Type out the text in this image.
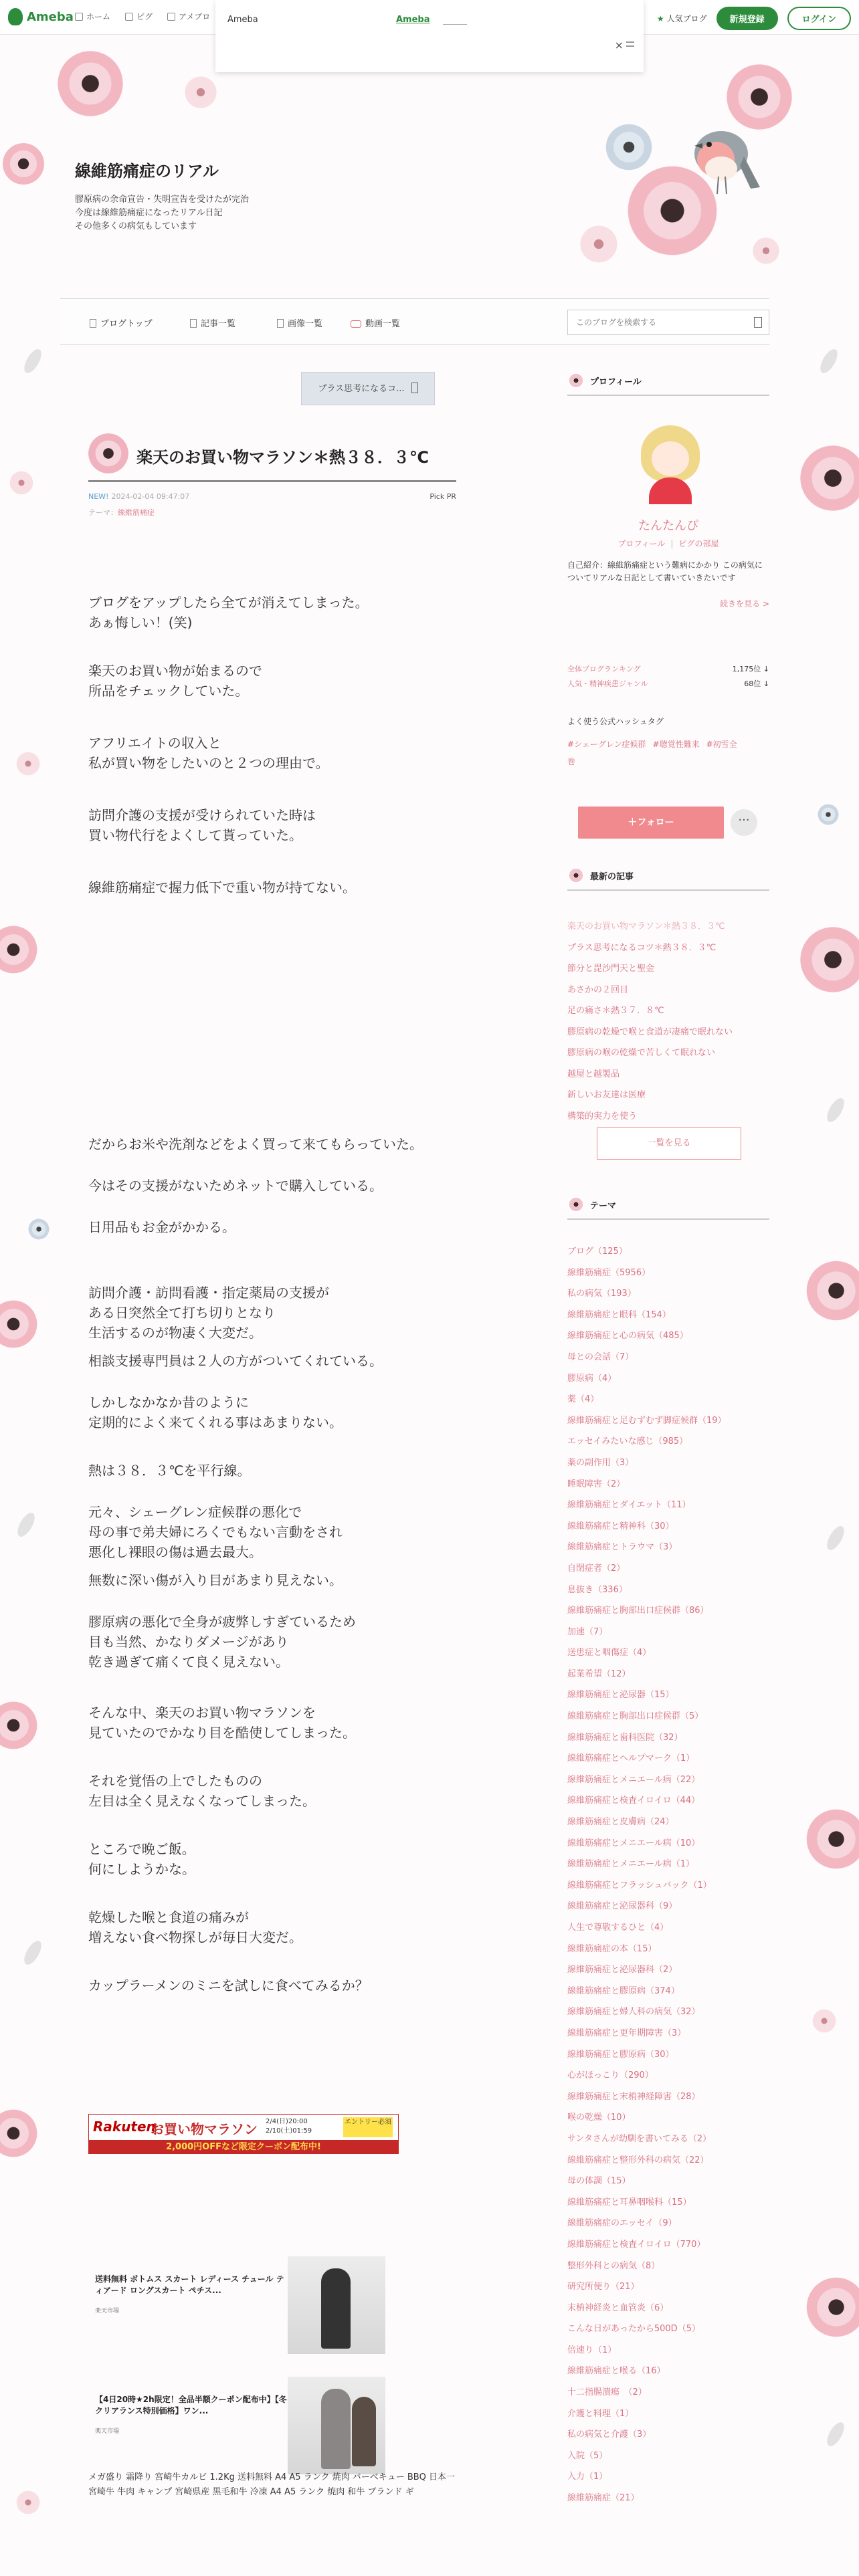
Ameba	ホーム	ピグ	アメブロ	★ 人気ブログ	新規登録	ログイン
Ameba	Ameba
×
線維筋痛症のリアル
膠原病の余命宣告・失明宣告を受けたが完治
今度は線維筋痛症になったリアル日記
その他多くの病気もしています
ブログトップ	記事一覧	画像一覧	動画一覧
このブログを検索する
プラス思考になるコ...
楽天のお買い物マラソン＊熱３８．３℃
NEW! 2024-02-04 09:47:07	Pick PR
テーマ：線維筋痛症
ブログをアップしたら全てが消えてしまった。
あぁ悔しい！(笑)
楽天のお買い物が始まるので
所品をチェックしていた。
アフリエイトの収入と
私が買い物をしたいのと２つの理由で。
訪問介護の支援が受けられていた時は
買い物代行をよくして貰っていた。
線維筋痛症で握力低下で重い物が持てない。
だからお米や洗剤などをよく買って来てもらっていた。
今はその支援がないためネットで購入している。
日用品もお金がかかる。
訪問介護・訪問看護・指定薬局の支援が
ある日突然全て打ち切りとなり
生活するのが物凄く大変だ。
相談支援専門員は２人の方がついてくれている。
しかしなかなか昔のように
定期的によく来てくれる事はあまりない。
熱は３８．３℃を平行線。
元々、シェーグレン症候群の悪化で
母の事で弟夫婦にろくでもない言動をされ
悪化し裸眼の傷は過去最大。
無数に深い傷が入り目があまり見えない。
膠原病の悪化で全身が疲弊しすぎているため
目も当然、かなりダメージがあり
乾き過ぎて痛くて良く見えない。
そんな中、楽天のお買い物マラソンを
見ていたのでかなり目を酷使してしまった。
それを覚悟の上でしたものの
左目は全く見えなくなってしまった。
ところで晩ご飯。
何にしようかな。
乾燥した喉と食道の痛みが
増えない食べ物探しが毎日大変だ。
カップラーメンのミニを試しに食べてみるか？
Rakuten
お買い物マラソン 2/4(日)20:00
2/10(土)01:59
エントリー必須
2,000円OFFなど限定クーポン配布中!
送料無料 ボトムス スカート レディース チュール ティアード ロングスカート ペチス...
楽天市場
【4日20時★2h限定！全品半額クーポン配布中】【冬クリアランス特別価格】ワン...
楽天市場
メガ盛り 霜降り 宮崎牛カルビ 1.2Kg 送料無料 A4 A5 ランク 焼肉 バーベキュー BBQ 日本一 宮崎牛 牛肉 キャンプ 宮崎県産 黒毛和牛 冷凍 A4 A5 ランク 焼肉 和牛 ブランド ギ
プロフィール
たんたんぴ
プロフィール | ピグの部屋
自己紹介：線維筋痛症という難病にかかり この病気についてリアルな日記として書いていきたいです
続きを見る >
全体ブログランキング	1,175位 ↓
人気・精神疾患ジャンル	68位 ↓
よく使う公式ハッシュタグ
#シェーグレン症候群 #聴覚性難来 #初雪全
巻
＋フォロー	···
最新の記事
楽天のお買い物マラソン＊熱３８．３℃
プラス思考になるコツ＊熱３８．３℃
節分と毘沙門天と聖金
あさかの２回目
足の痛さ＊熱３７．８℃
膠原病の乾燥で喉と食道が凄痛で眠れない
膠原病の喉の乾燥で苦しくて眠れない
越屋と越製品
新しいお友達は医療
構築的実力を使う
一覧を見る
テーマ
ブログ（125）
線維筋痛症（5956）
私の病気（193）
線維筋痛症と眼科（154）
線維筋痛症と心の病気（485）
母との会話（7）
膠原病（4）
薬（4）
線維筋痛症と足むずむず脚症候群（19）
エッセイみたいな感じ（985）
薬の副作用（3）
睡眠障害（2）
線維筋痛症とダイエット（11）
線維筋痛症と精神科（30）
線維筋痛症とトラウマ（3）
自閉症者（2）
息抜き（336）
線維筋痛症と胸部出口症候群（86）
加速（7）
送患症と咽傷症（4）
起業希望（12）
線維筋痛症と泌尿器（15）
線維筋痛症と胸部出口症候群（5）
線維筋痛症と歯科医院（32）
線維筋痛症とヘルプマーク（1）
線維筋痛症とメニエール病（22）
線維筋痛症と検査イロイロ（44）
線維筋痛症と皮膚病（24）
線維筋痛症とメニエール病（10）
線維筋痛症とメニエール病（1）
線維筋痛症とフラッシュバック（1）
線維筋痛症と泌尿器科（9）
人生で尊敬するひと（4）
線維筋痛症の本（15）
線維筋痛症と泌尿器科（2）
線維筋痛症と膠原病（374）
線維筋痛症と婦人科の病気（32）
線維筋痛症と更年期障害（3）
線維筋痛症と膠原病（30）
心がほっこり（290）
線維筋痛症と末梢神経障害（28）
喉の乾燥（10）
サンタさんが幼馴を書いてみる（2）
線維筋痛症と整形外科の病気（22）
母の体調（15）
線維筋痛症と耳鼻咽喉科（15）
線維筋痛症のエッセイ（9）
線維筋痛症と検査イロイロ（770）
整形外科との病気（8）
研究所便り（21）
末梢神経炎と血管炎（6）
こんな日があったから500D（5）
倍速り（1）
線維筋痛症と喉る（16）
十二指腸潰瘍　（2）
介護と料理（1）
私の病気と介護（3）
入院（5）
入力（1）
線維筋痛症（21）
